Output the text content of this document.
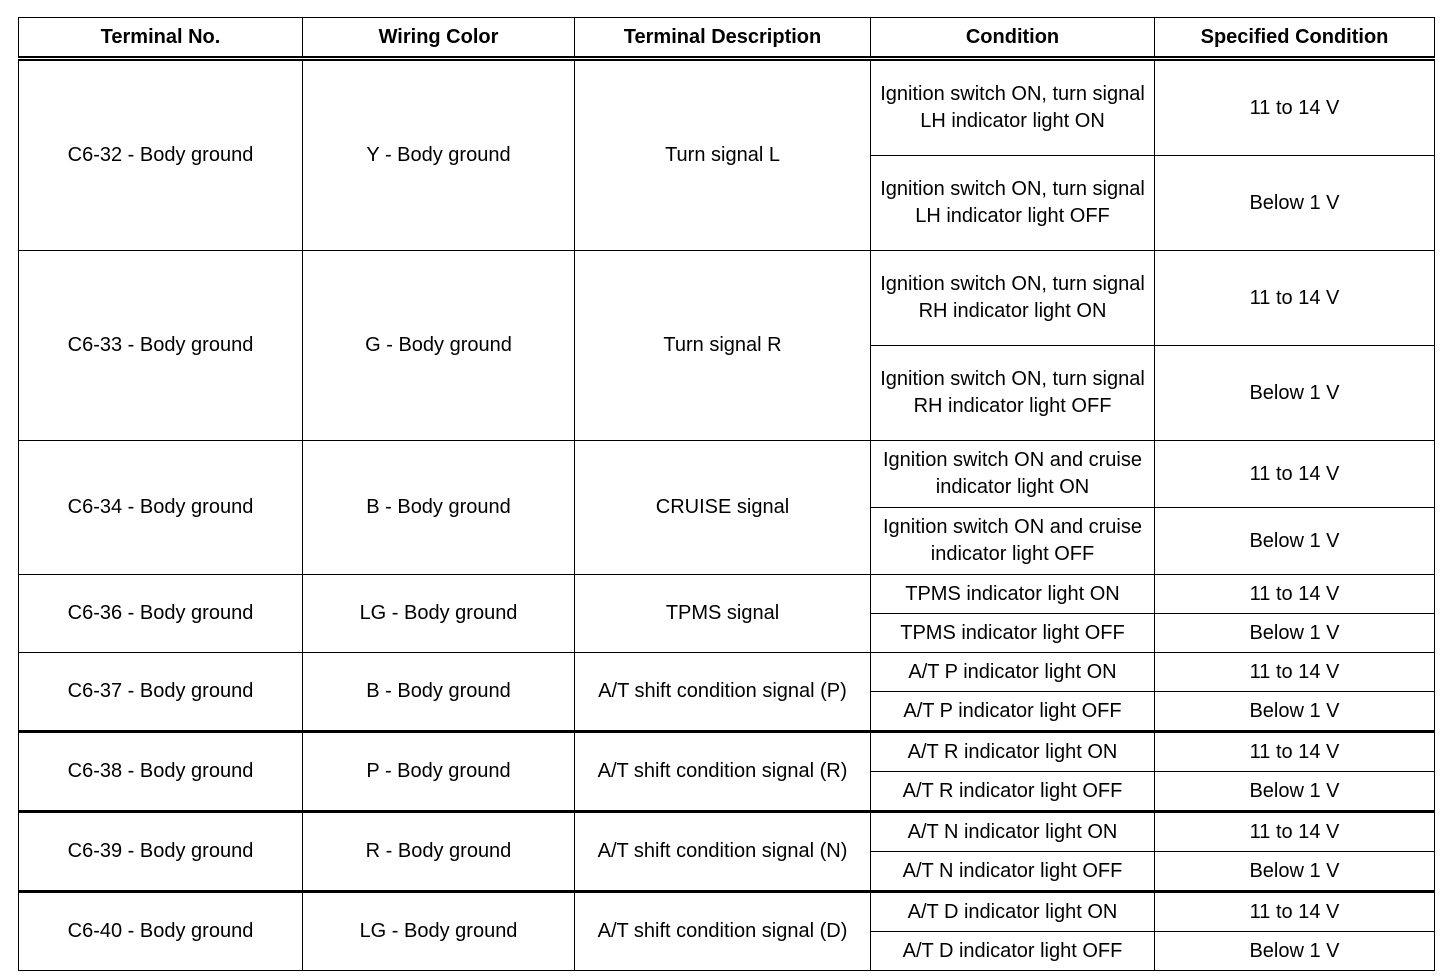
Terminal No.	Wiring Color	Terminal Description	Condition	Specified Condition
C6-32 - Body ground	Y - Body ground	Turn signal L	Ignition switch ON, turn signal LH indicator light ON	11 to 14 V
			Ignition switch ON, turn signal LH indicator light OFF	Below 1 V
C6-33 - Body ground	G - Body ground	Turn signal R	Ignition switch ON, turn signal RH indicator light ON	11 to 14 V
			Ignition switch ON, turn signal RH indicator light OFF	Below 1 V
C6-34 - Body ground	B - Body ground	CRUISE signal	Ignition switch ON and cruise indicator light ON	11 to 14 V
			Ignition switch ON and cruise indicator light OFF	Below 1 V
C6-36 - Body ground	LG - Body ground	TPMS signal	TPMS indicator light ON	11 to 14 V
			TPMS indicator light OFF	Below 1 V
C6-37 - Body ground	B - Body ground	A/T shift condition signal (P)	A/T P indicator light ON	11 to 14 V
			A/T P indicator light OFF	Below 1 V
C6-38 - Body ground	P - Body ground	A/T shift condition signal (R)	A/T R indicator light ON	11 to 14 V
			A/T R indicator light OFF	Below 1 V
C6-39 - Body ground	R - Body ground	A/T shift condition signal (N)	A/T N indicator light ON	11 to 14 V
			A/T N indicator light OFF	Below 1 V
C6-40 - Body ground	LG - Body ground	A/T shift condition signal (D)	A/T D indicator light ON	11 to 14 V
			A/T D indicator light OFF	Below 1 V
